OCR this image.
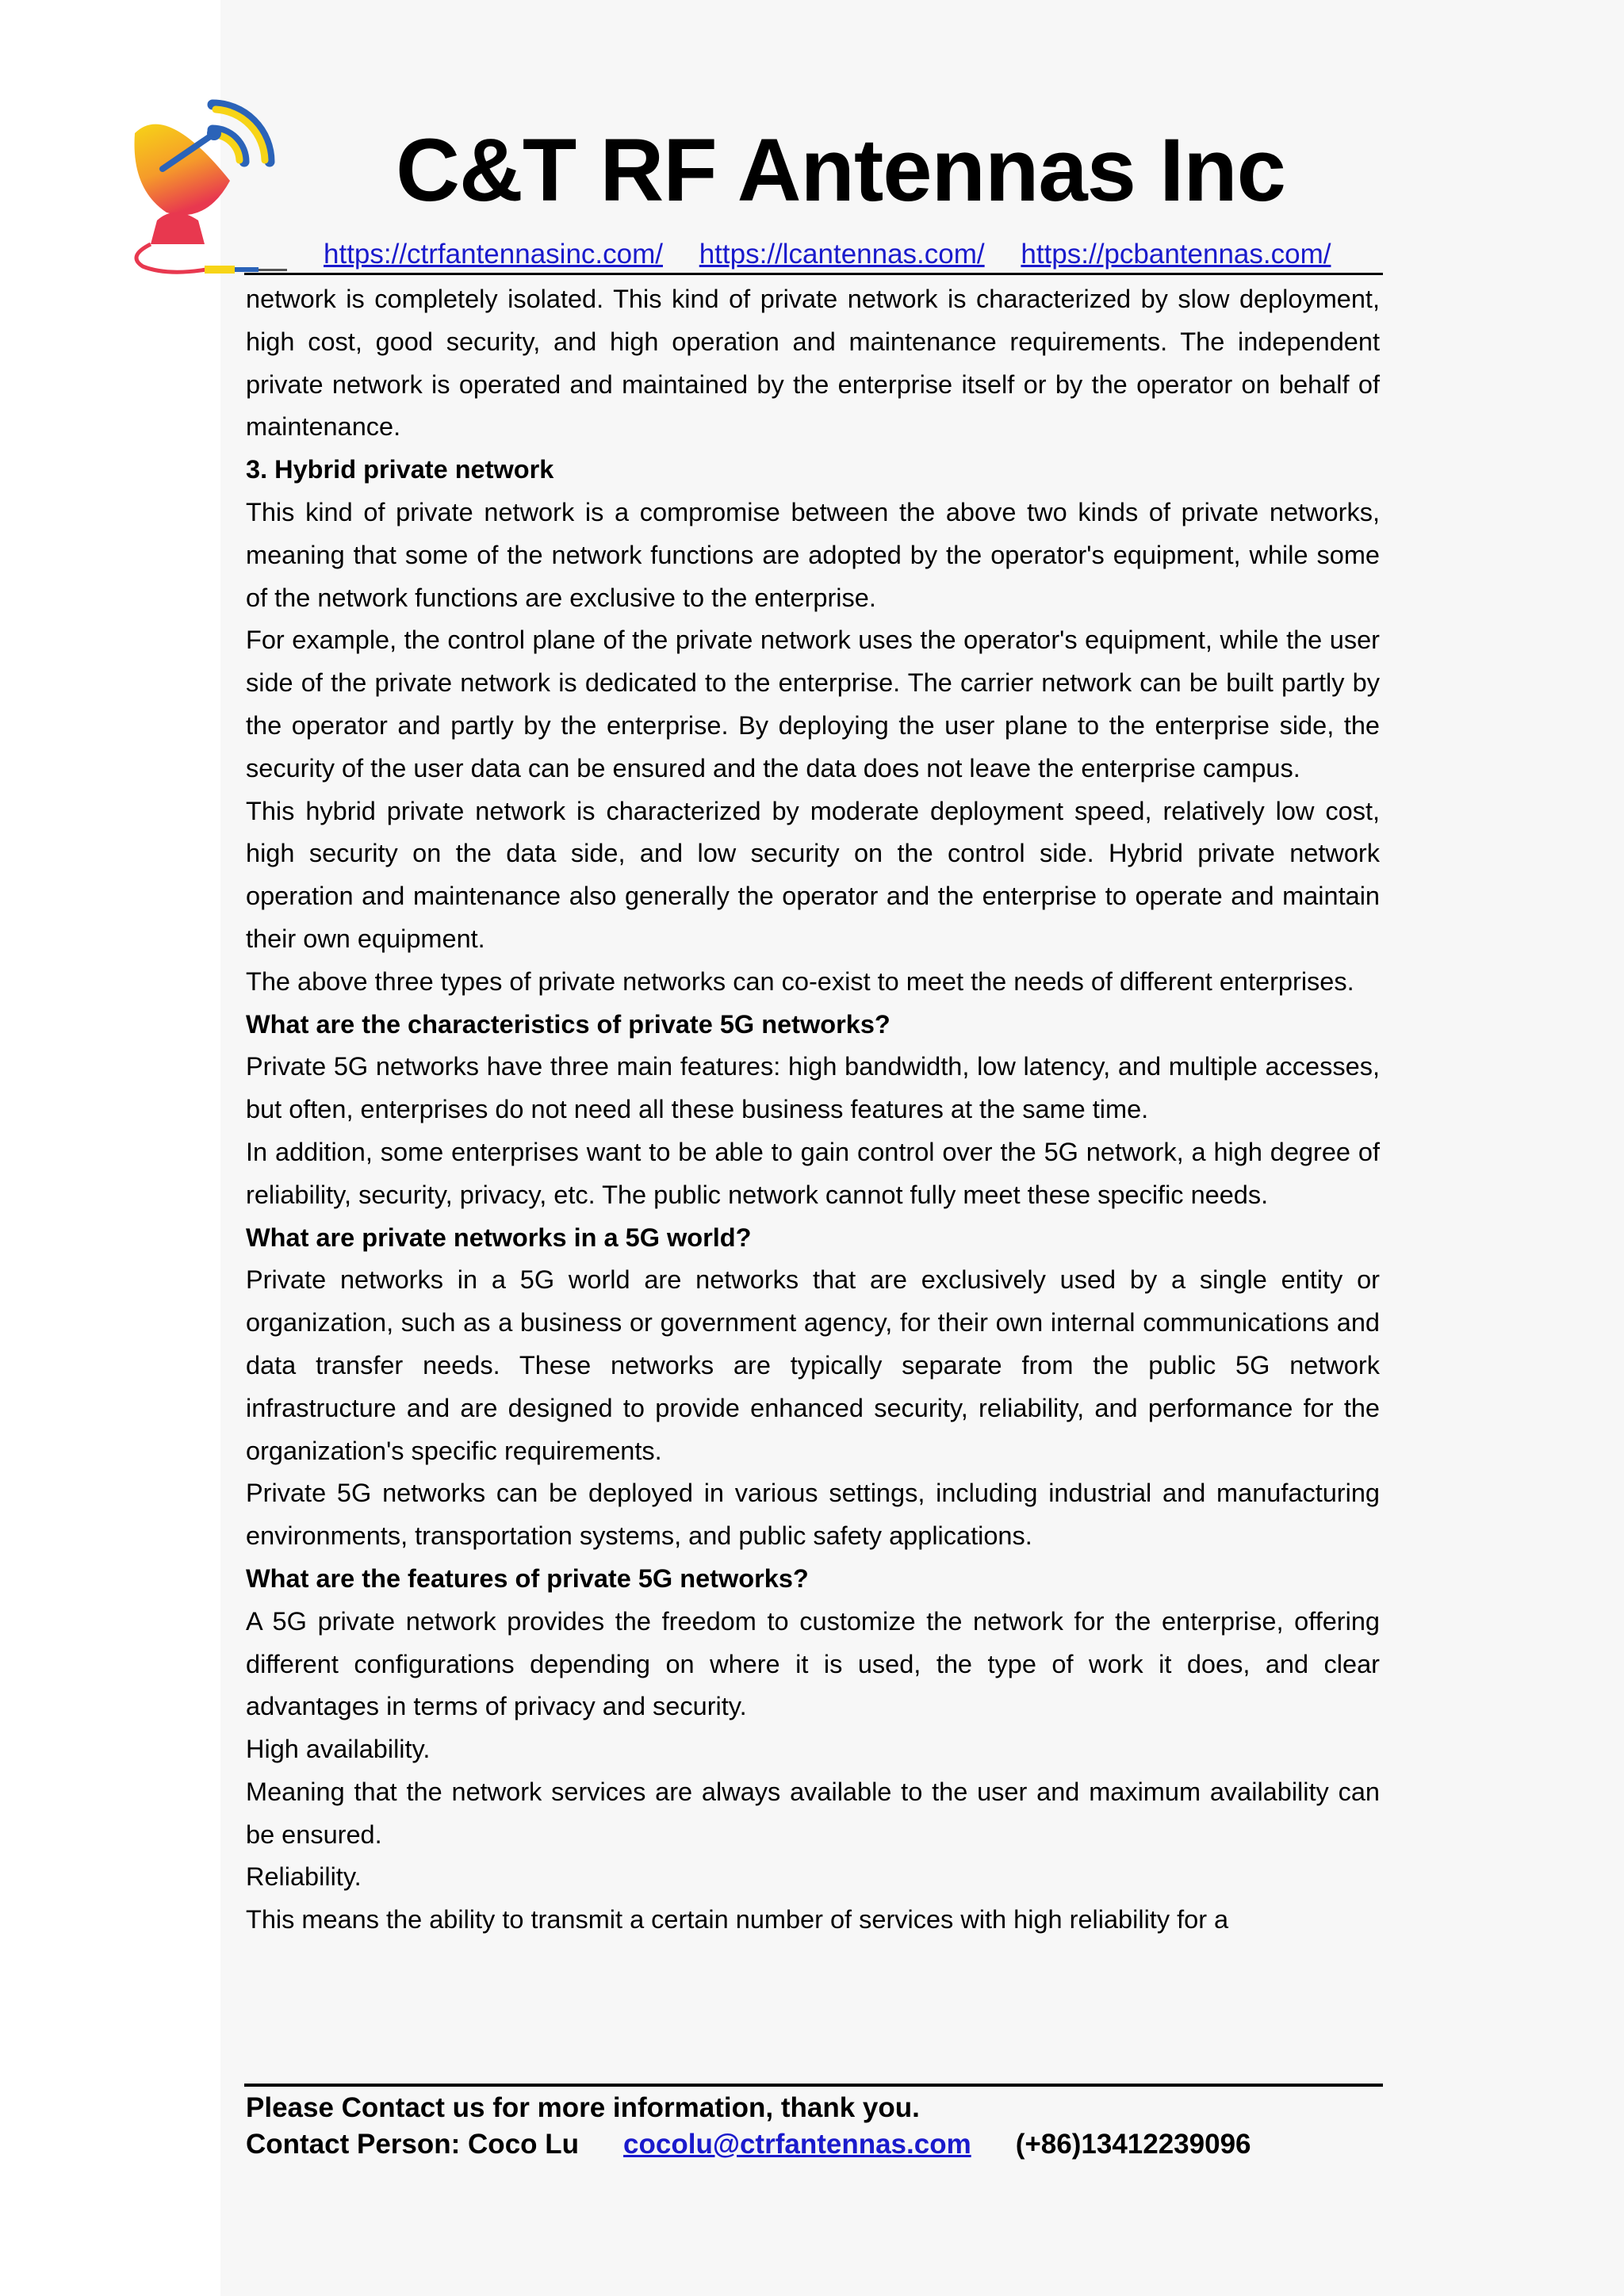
C&T RF Antennas Inc
https://ctrfantennasinc.com/ https://lcantennas.com/ https://pcbantennas.com/

network is completely isolated. This kind of private network is characterized by slow deployment, high cost, good security, and high operation and maintenance requirements. The independent private network is operated and maintained by the enterprise itself or by the operator on behalf of maintenance.

3. Hybrid private network

This kind of private network is a compromise between the above two kinds of private networks, meaning that some of the network functions are adopted by the operator's equipment, while some of the network functions are exclusive to the enterprise.

For example, the control plane of the private network uses the operator's equipment, while the user side of the private network is dedicated to the enterprise. The carrier network can be built partly by the operator and partly by the enterprise. By deploying the user plane to the enterprise side, the security of the user data can be ensured and the data does not leave the enterprise campus.

This hybrid private network is characterized by moderate deployment speed, relatively low cost, high security on the data side, and low security on the control side. Hybrid private network operation and maintenance also generally the operator and the enterprise to operate and maintain their own equipment.

The above three types of private networks can co-exist to meet the needs of different enterprises.

What are the characteristics of private 5G networks?

Private 5G networks have three main features: high bandwidth, low latency, and multiple accesses, but often, enterprises do not need all these business features at the same time.

In addition, some enterprises want to be able to gain control over the 5G network, a high degree of reliability, security, privacy, etc. The public network cannot fully meet these specific needs.

What are private networks in a 5G world?

Private networks in a 5G world are networks that are exclusively used by a single entity or organization, such as a business or government agency, for their own internal communications and data transfer needs. These networks are typically separate from the public 5G network infrastructure and are designed to provide enhanced security, reliability, and performance for the organization's specific requirements.

Private 5G networks can be deployed in various settings, including industrial and manufacturing environments, transportation systems, and public safety applications.

What are the features of private 5G networks?

A 5G private network provides the freedom to customize the network for the enterprise, offering different configurations depending on where it is used, the type of work it does, and clear advantages in terms of privacy and security.

High availability.

Meaning that the network services are always available to the user and maximum availability can be ensured.

Reliability.

This means the ability to transmit a certain number of services with high reliability for a

Please Contact us for more information, thank you.
Contact Person: Coco Lu cocolu@ctrfantennas.com (+86)13412239096
